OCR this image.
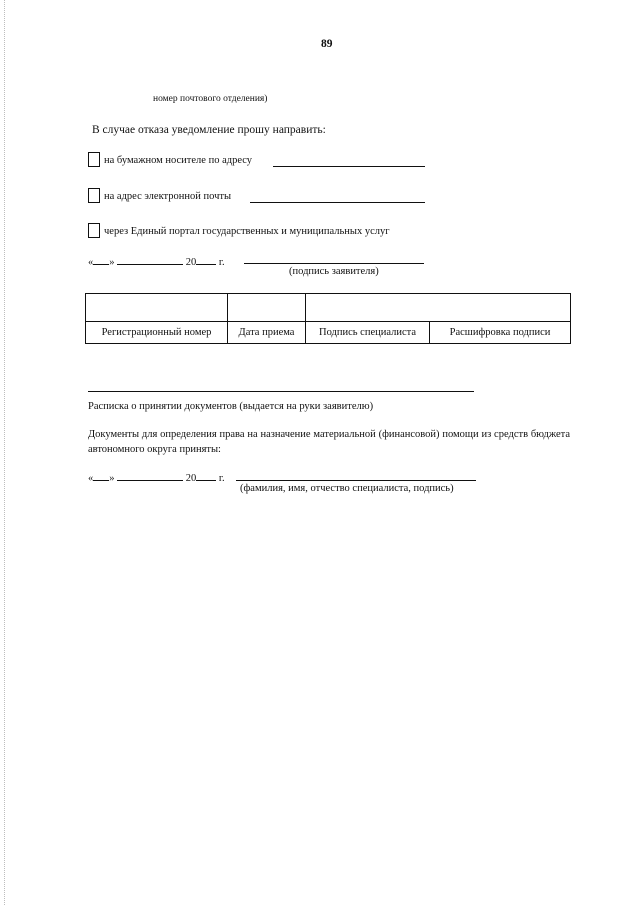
89
номер почтового отделения)
В случае отказа уведомление прошу направить:
на бумажном носителе по адресу
на адрес электронной почты
через Единый портал государственных и муниципальных услуг
« »	20 г.
(подпись заявителя)

Регистрационный номер	Дата приема	Подпись специалиста	Расшифровка подписи
Расписка о принятии документов (выдается на руки заявителю)
Документы для определения права на назначение материальной (финансовой) помощи из средств бюджета автономного округа приняты:
« »	20 г.
(фамилия, имя, отчество специалиста, подпись)
